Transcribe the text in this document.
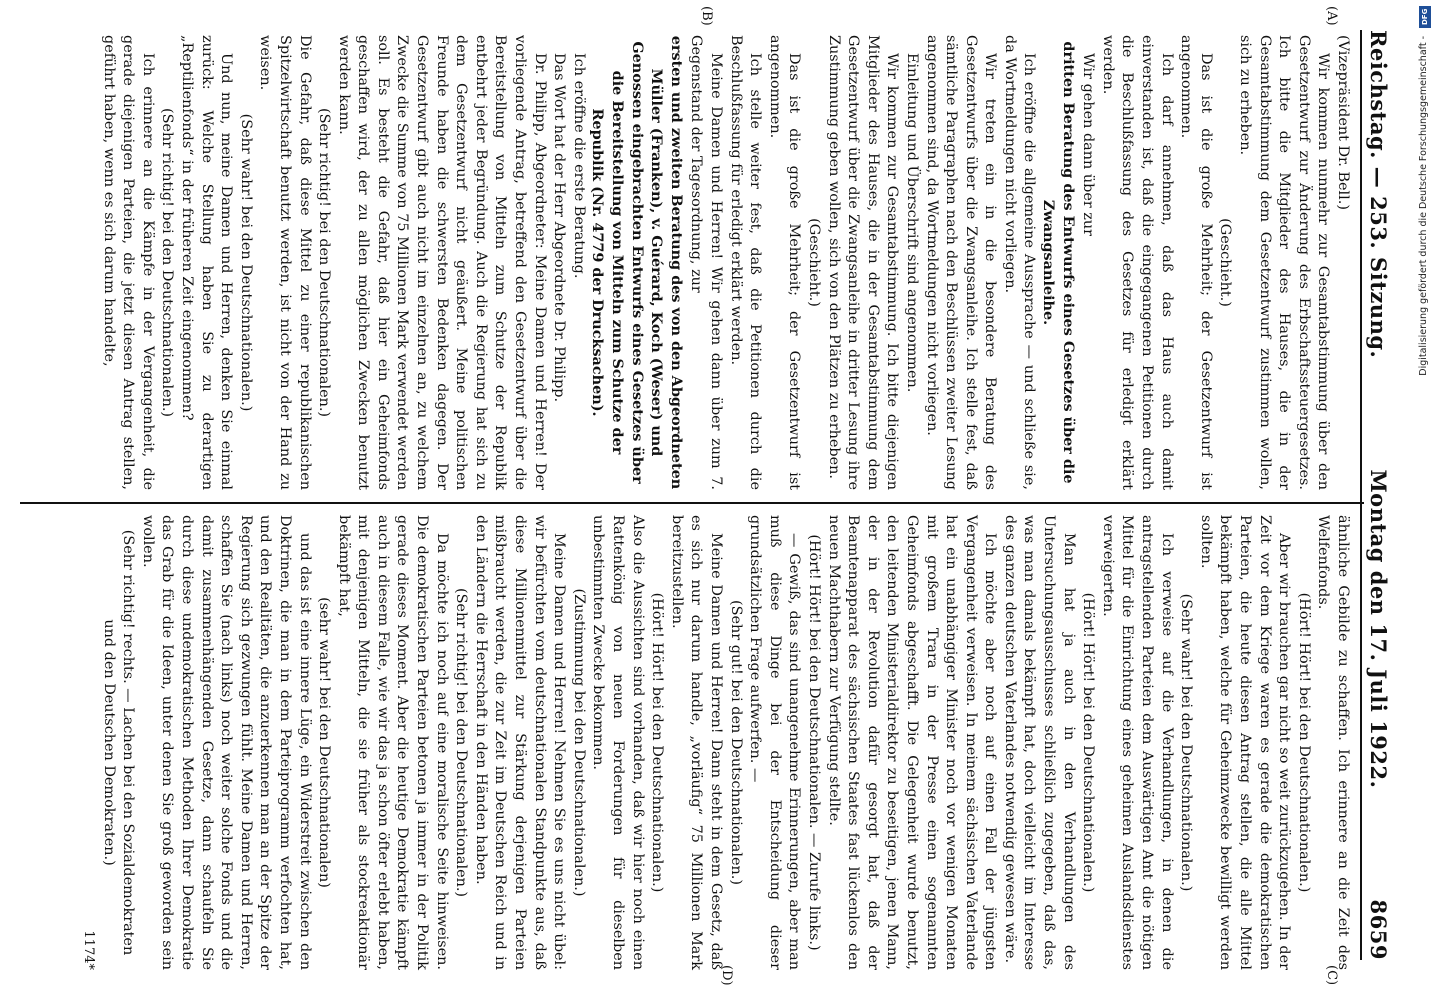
Reichstag. — 253. Sitzung.
Montag den 17. Juli 1922.
8659
(A)
(B)
(C)
(D)

(Vizepräsident Dr. Bell.)

Wir kommen nunmehr zur Gesamtabstimmung über den Gesetzentwurf zur Änderung des Erbschaftssteuergesetzes. Ich bitte die Mitglieder des Hauses, die in der Gesamtabstimmung dem Gesetzentwurf zustimmen wollen, sich zu erheben.

(Geschieht.)

Das ist die große Mehrheit; der Gesetzentwurf ist angenommen.

Ich darf annehmen, daß das Haus auch damit einverstanden ist, daß die eingegangenen Petitionen durch die Beschlußfassung des Gesetzes für erledigt erklärt werden.

Wir gehen dann über zur

dritten Beratung des Entwurfs eines Gesetzes über die Zwangsanleihe.

Ich eröffne die allgemeine Aussprache — und schließe sie, da Wortmeldungen nicht vorliegen.

Wir treten ein in die besondere Beratung des Gesetzentwurfs über die Zwangsanleihe. Ich stelle fest, daß sämtliche Paragraphen nach den Beschlüssen zweiter Lesung angenommen sind, da Wortmeldungen nicht vorliegen.

Einleitung und Überschrift sind angenommen.

Wir kommen zur Gesamtabstimmung. Ich bitte diejenigen Mitglieder des Hauses, die in der Gesamtabstimmung dem Gesetzentwurf über die Zwangsanleihe in dritter Lesung ihre Zustimmung geben wollen, sich von den Plätzen zu erheben.

(Geschieht.)

Das ist die große Mehrheit; der Gesetzentwurf ist angenommen.

Ich stelle weiter fest, daß die Petitionen durch die Beschlußfassung für erledigt erklärt werden.

Meine Damen und Herren! Wir gehen dann über zum 7. Gegenstand der Tagesordnung, zur

ersten und zweiten Beratung des von den Abgeordneten Müller (Franken), v. Guérard, Koch (Weser) und Genossen eingebrachten Entwurfs eines Gesetzes über die Bereitstellung von Mitteln zum Schutze der Republik (Nr. 4779 der Drucksachen).

Ich eröffne die erste Beratung.

Das Wort hat der Herr Abgeordnete Dr. Philipp.

Dr. Philipp, Abgeordneter: Meine Damen und Herren! Der vorliegende Antrag, betreffend den Gesetzentwurf über die Bereitstellung von Mitteln zum Schutze der Republik entbehrt jeder Begründung. Auch die Regierung hat sich zu dem Gesetzentwurf nicht geäußert. Meine politischen Freunde haben die schwersten Bedenken dagegen. Der Gesetzentwurf gibt auch nicht im einzelnen an, zu welchem Zwecke die Summe von 75 Millionen Mark verwendet werden soll. Es besteht die Gefahr, daß hier ein Geheimfonds geschaffen wird, der zu allen möglichen Zwecken benutzt werden kann.

(Sehr richtig! bei den Deutschnationalen.)

Die Gefahr, daß diese Mittel zu einer republikanischen Spitzelwirtschaft benutzt werden, ist nicht von der Hand zu weisen.

(Sehr wahr! bei den Deutschnationalen.)

Und nun, meine Damen und Herren, denken Sie einmal zurück: Welche Stellung haben Sie zu derartigen „Reptilienfonds“ in der früheren Zeit eingenommen?

(Sehr richtig! bei den Deutschnationalen.)

Ich erinnere an die Kämpfe in der Vergangenheit, die gerade diejenigen Parteien, die jetzt diesen Antrag stellen, geführt haben, wenn es sich darum handelte,

ähnliche Gebilde zu schaffen. Ich erinnere an die Zeit des Welfenfonds.

(Hört! Hört! bei den Deutschnationalen.)

Aber wir brauchen gar nicht so weit zurückzugehen. In der Zeit vor dem Kriege waren es gerade die demokratischen Parteien, die heute diesen Antrag stellen, die alle Mittel bekämpft haben, welche für Geheimzwecke bewilligt werden sollten.

(Sehr wahr! bei den Deutschnationalen.)

Ich verweise auf die Verhandlungen, in denen die antragstellenden Parteien dem Auswärtigen Amt die nötigen Mittel für die Einrichtung eines geheimen Auslandsdienstes verweigerten.

(Hört! Hört! bei den Deutschnationalen.)

Man hat ja auch in den Verhandlungen des Untersuchungsausschusses schließlich zugegeben, daß das, was man damals bekämpft hat, doch vielleicht im Interesse des ganzen deutschen Vaterlandes notwendig gewesen wäre.

Ich möchte aber noch auf einen Fall der jüngsten Vergangenheit verweisen. In meinem sächsischen Vaterlande hat ein unabhängiger Minister noch vor wenigen Monaten mit großem Trara in der Presse einen sogenannten Geheimfonds abgeschafft. Die Gelegenheit wurde benutzt, den leitenden Ministerialdirektor zu beseitigen, jenen Mann, der in der Revolution dafür gesorgt hat, daß der Beamtenapparat des sächsischen Staates fast lückenlos den neuen Machthabern zur Verfügung stellte.

(Hört! Hört! bei den Deutschnationalen. — Zurufe links.)

— Gewiß, das sind unangenehme Erinnerungen, aber man muß diese Dinge bei der Entscheidung dieser grundsätzlichen Frage aufwerfen. —

(Sehr gut! bei den Deutschnationalen.)

Meine Damen und Herren! Dann steht in dem Gesetz, daß es sich nur darum handle, „vorläufig“ 75 Millionen Mark bereitzustellen.

(Hört! Hört! bei den Deutschnationalen.)

Also die Aussichten sind vorhanden, daß wir hier noch einen Rattenkönig von neuen Forderungen für dieselben unbestimmten Zwecke bekommen.

(Zustimmung bei den Deutschnationalen.)

Meine Damen und Herren! Nehmen Sie es uns nicht übel: wir befürchten vom deutschnationalen Standpunkte aus, daß diese Millionenmittel zur Stärkung derjenigen Parteien mißbraucht werden, die zur Zeit im Deutschen Reich und in den Ländern die Herrschaft in den Händen haben.

(Sehr richtig! bei den Deutschnationalen.)

Da möchte ich noch auf eine moralische Seite hinweisen. Die demokratischen Parteien betonen ja immer in der Politik gerade dieses Moment. Aber die heutige Demokratie kämpft auch in diesem Falle, wie wir das ja schon öfter erlebt haben, mit denjenigen Mitteln, die sie früher als stockreaktionär bekämpft hat,

(sehr wahr! bei den Deutschnationalen)

und das ist eine innere Lüge, ein Widerstreit zwischen den Doktrinen, die man in dem Parteiprogramm verfochten hat, und den Realitäten, die anzuerkennen man an der Spitze der Regierung sich gezwungen fühlt. Meine Damen und Herren, schaffen Sie (nach links) noch weiter solche Fonds und die damit zusammenhängenden Gesetze, dann schaufeln Sie durch diese undemokratischen Methoden Ihrer Demokratie das Grab für die Ideen, unter denen Sie groß geworden sein wollen.

(Sehr richtig! rechts. — Lachen bei den Sozialdemokraten und den Deutschen Demokraten.)

1174*

DFG
Digitalisierung gefördert durch die Deutsche Forschungsgemeinschaft -
